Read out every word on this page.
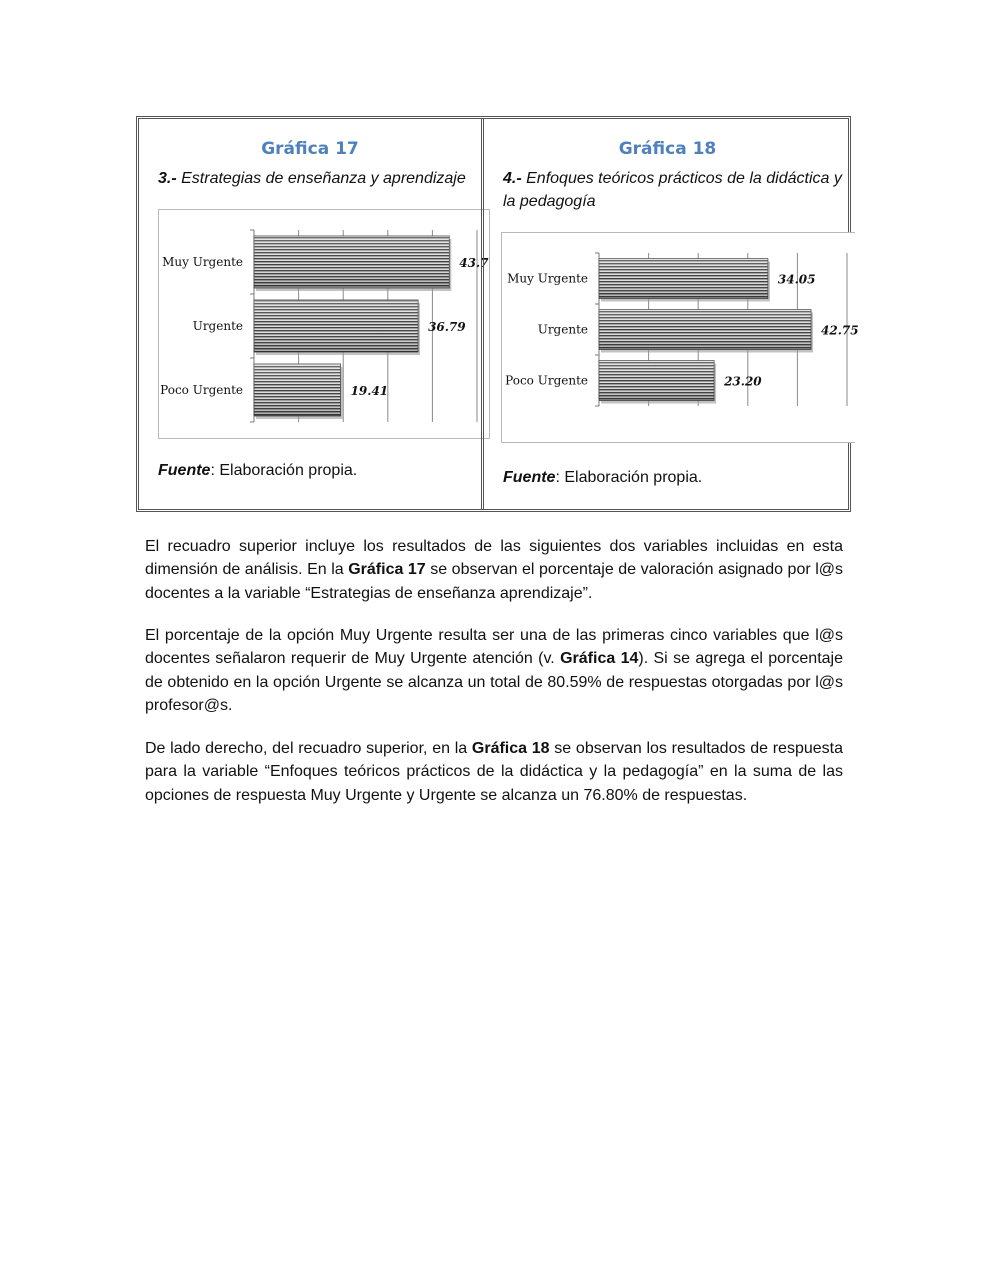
Gráfica 17
3.- Estrategias de enseñanza y aprendizaje
Muy Urgente	43.7
Urgente	36.79
Poco Urgente	19.41
Fuente: Elaboración propia.
Gráfica 18
4.- Enfoques teóricos prácticos de la didáctica y la pedagogía
Muy Urgente	34.05
Urgente	42.75
Poco Urgente	23.20
Fuente: Elaboración propia.

El recuadro superior incluye los resultados de las siguientes dos variables incluidas en esta dimensión de análisis. En la Gráfica 17 se observan el porcentaje de valoración asignado por l@s docentes a la variable “Estrategias de enseñanza aprendizaje”.

El porcentaje de la opción Muy Urgente resulta ser una de las primeras cinco variables que l@s docentes señalaron requerir de Muy Urgente atención (v. Gráfica 14). Si se agrega el porcentaje de obtenido en la opción Urgente se alcanza un total de 80.59% de respuestas otorgadas por l@s profesor@s.

De lado derecho, del recuadro superior, en la Gráfica 18 se observan los resultados de respuesta para la variable “Enfoques teóricos prácticos de la didáctica y la pedagogía” en la suma de las opciones de respuesta Muy Urgente y Urgente se alcanza un 76.80% de respuestas.
